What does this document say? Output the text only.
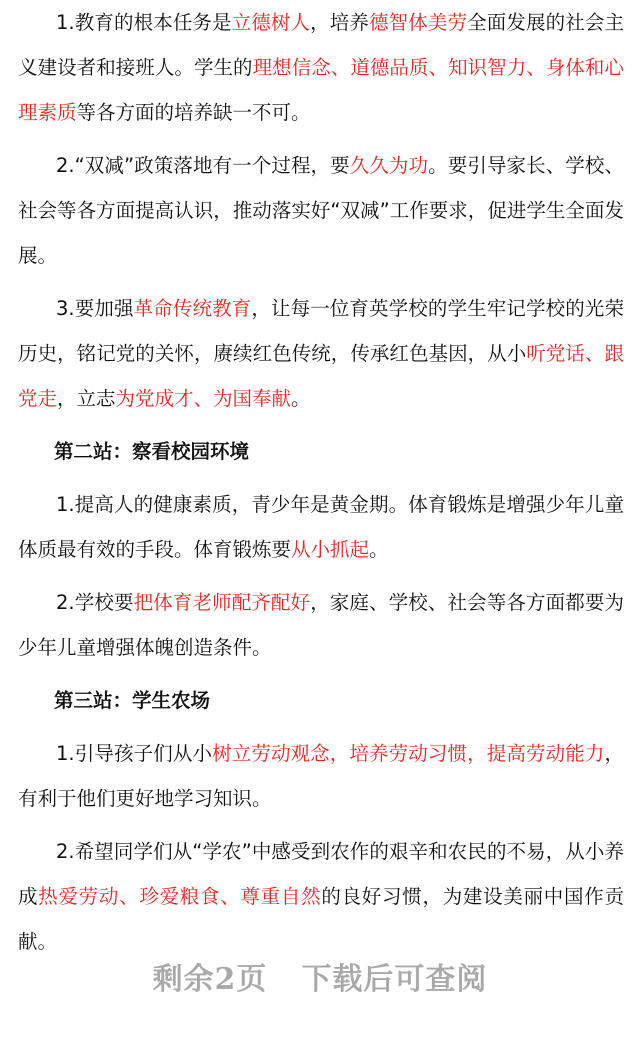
1.教育的根本任务是立德树人，培养德智体美劳全面发展的社会主义建设者和接班人。学生的理想信念、道德品质、知识智力、身体和心理素质等各方面的培养缺一不可。

2.“双减”政策落地有一个过程，要久久为功。要引导家长、学校、社会等各方面提高认识，推动落实好“双减”工作要求，促进学生全面发展。

3.要加强革命传统教育，让每一位育英学校的学生牢记学校的光荣历史，铭记党的关怀，赓续红色传统，传承红色基因，从小听党话、跟党走，立志为党成才、为国奉献。

第二站：察看校园环境

1.提高人的健康素质，青少年是黄金期。体育锻炼是增强少年儿童体质最有效的手段。体育锻炼要从小抓起。

2.学校要把体育老师配齐配好，家庭、学校、社会等各方面都要为少年儿童增强体魄创造条件。

第三站：学生农场

1.引导孩子们从小树立劳动观念，培养劳动习惯，提高劳动能力，有利于他们更好地学习知识。

2.希望同学们从“学农”中感受到农作的艰辛和农民的不易，从小养成热爱劳动、珍爱粮食、尊重自然的良好习惯，为建设美丽中国作贡献。

剩余2页 下载后可查阅
